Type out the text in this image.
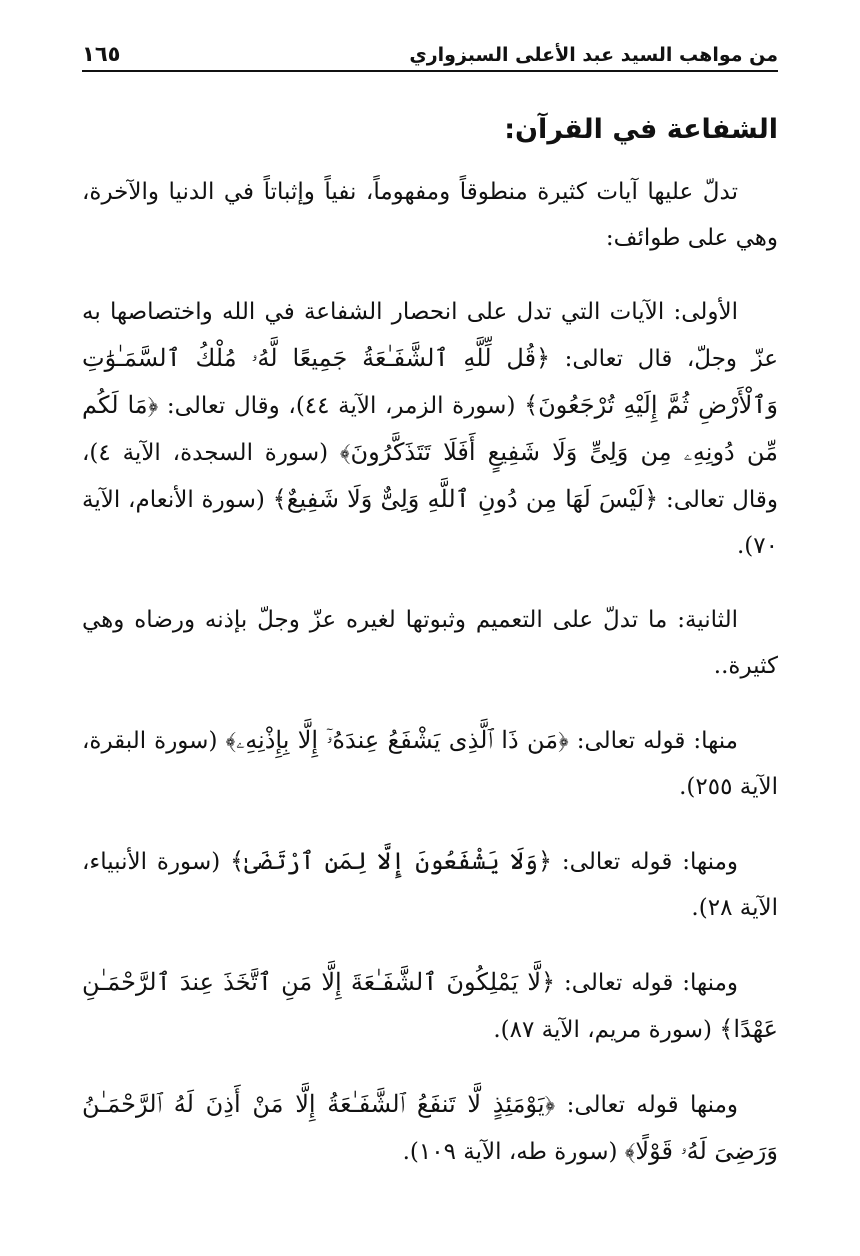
من مواهب السيد عبد الأعلى السبزواري
١٦٥
الشفاعة في القرآن:

تدلّ عليها آيات كثيرة منطوقاً ومفهوماً، نفياً وإثباتاً في الدنيا والآخرة، وهي على طوائف:

الأولى: الآيات التي تدل على انحصار الشفاعة في الله واختصاصها به عزّ وجلّ، قال تعالى: ﴿قُل لِّلَّهِ ٱلشَّفَـٰعَةُ جَمِيعًا لَّهُۥ مُلْكُ ٱلسَّمَـٰوَٰتِ وَٱلْأَرْضِ ثُمَّ إِلَيْهِ تُرْجَعُونَ﴾ (سورة الزمر، الآية ٤٤)، وقال تعالى: ﴿مَا لَكُم مِّن دُونِهِۦ مِن وَلِىٍّ وَلَا شَفِيعٍ أَفَلَا تَتَذَكَّرُونَ﴾ (سورة السجدة، الآية ٤)، وقال تعالى: ﴿لَيْسَ لَهَا مِن دُونِ ٱللَّهِ وَلِىٌّ وَلَا شَفِيعٌ﴾ (سورة الأنعام، الآية ٧٠).

الثانية: ما تدلّ على التعميم وثبوتها لغيره عزّ وجلّ بإذنه ورضاه وهي كثيرة..

منها: قوله تعالى: ﴿مَن ذَا ٱلَّذِى يَشْفَعُ عِندَهُۥٓ إِلَّا بِإِذْنِهِۦ﴾ (سورة البقرة، الآية ٢٥٥).

ومنها: قوله تعالى: ﴿وَلَا يَشْفَعُونَ إِلَّا لِمَنِ ٱرْتَضَىٰ﴾ (سورة الأنبياء، الآية ٢٨).

ومنها: قوله تعالى: ﴿لَّا يَمْلِكُونَ ٱلشَّفَـٰعَةَ إِلَّا مَنِ ٱتَّخَذَ عِندَ ٱلرَّحْمَـٰنِ عَهْدًا﴾ (سورة مريم، الآية ٨٧).

ومنها قوله تعالى: ﴿يَوْمَئِذٍ لَّا تَنفَعُ ٱلشَّفَـٰعَةُ إِلَّا مَنْ أَذِنَ لَهُ ٱلرَّحْمَـٰنُ وَرَضِىَ لَهُۥ قَوْلًا﴾ (سورة طه، الآية ١٠٩).
